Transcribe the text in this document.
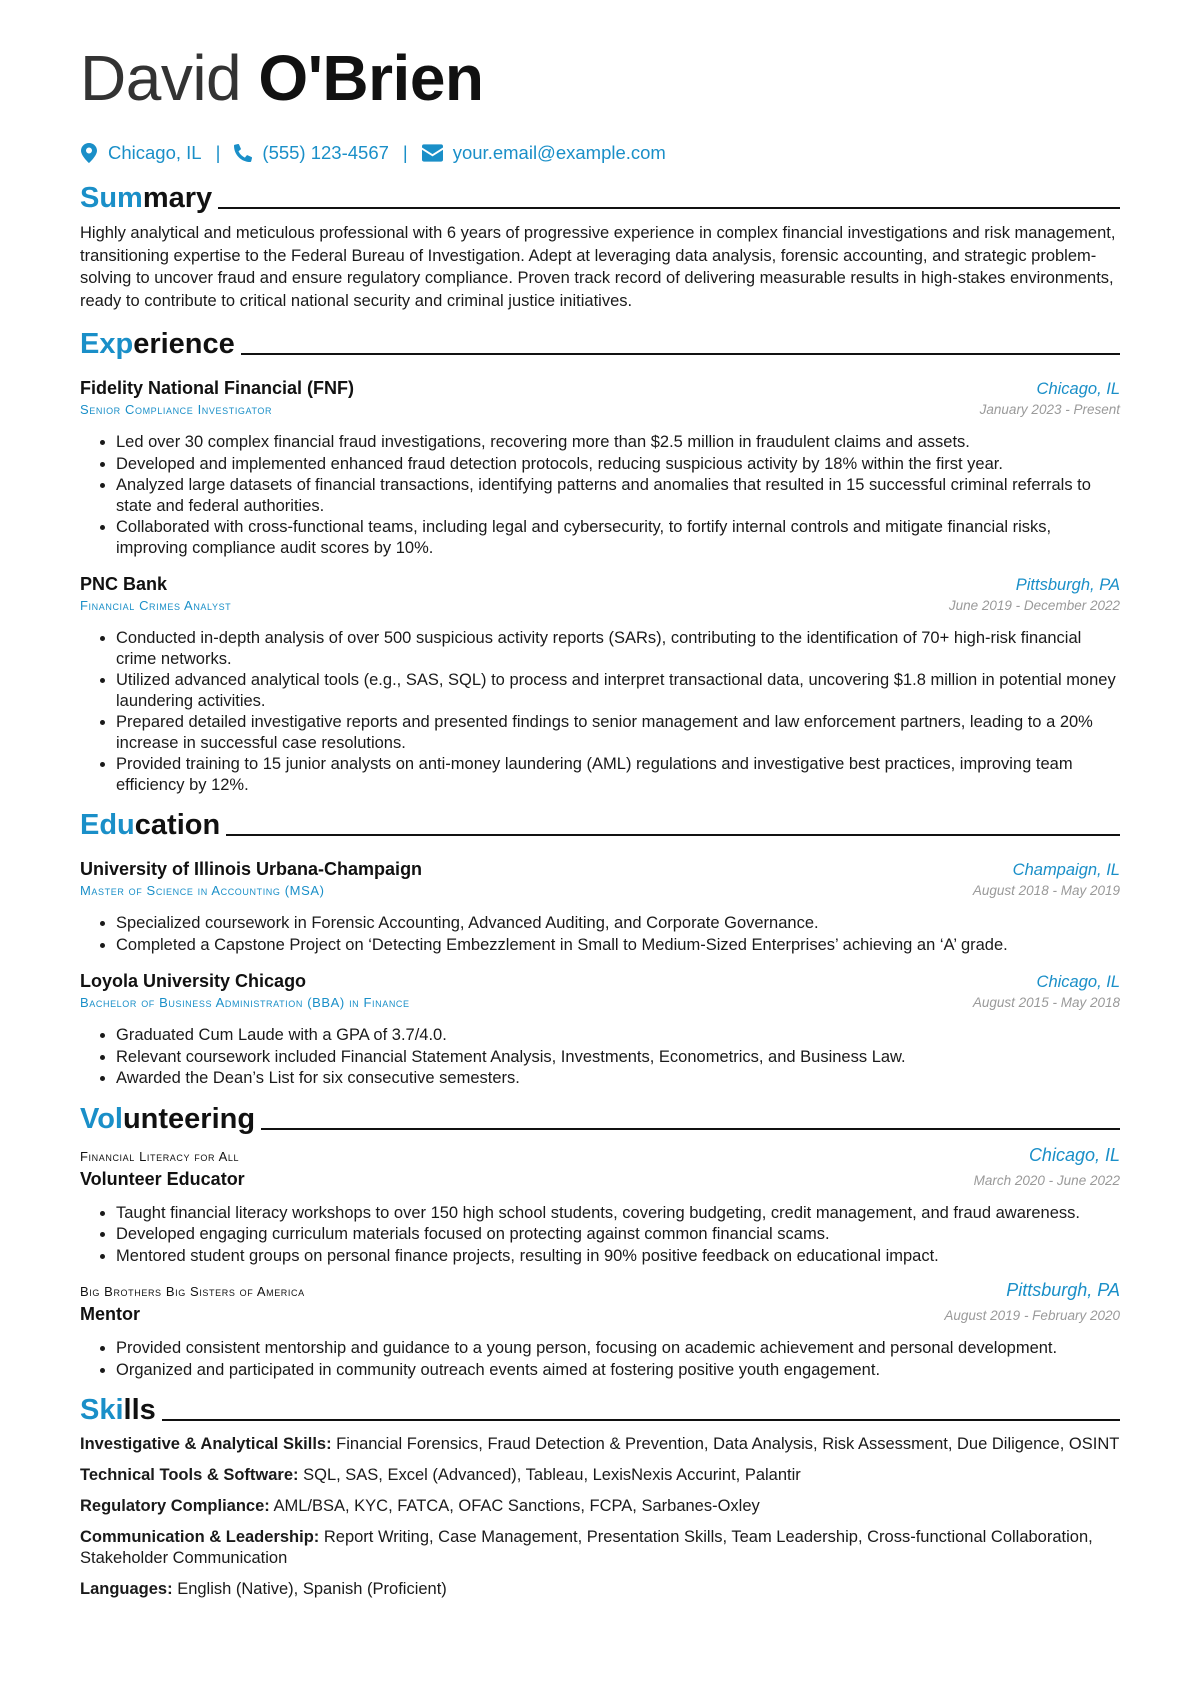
David O'Brien
Chicago, IL | (555) 123-4567 | your.email@example.com
Summary

Highly analytical and meticulous professional with 6 years of progressive experience in complex financial investigations and risk management, transitioning expertise to the Federal Bureau of Investigation. Adept at leveraging data analysis, forensic accounting, and strategic problem-solving to uncover fraud and ensure regulatory compliance. Proven track record of delivering measurable results in high-stakes environments, ready to contribute to critical national security and criminal justice initiatives.

Experience
Fidelity National Financial (FNF)	Chicago, IL
Senior Compliance Investigator	January 2023 - Present
• Led over 30 complex financial fraud investigations, recovering more than $2.5 million in fraudulent claims and assets.
• Developed and implemented enhanced fraud detection protocols, reducing suspicious activity by 18% within the first year.
• Analyzed large datasets of financial transactions, identifying patterns and anomalies that resulted in 15 successful criminal referrals to state and federal authorities.
• Collaborated with cross-functional teams, including legal and cybersecurity, to fortify internal controls and mitigate financial risks, improving compliance audit scores by 10%.
PNC Bank	Pittsburgh, PA
Financial Crimes Analyst	June 2019 - December 2022
• Conducted in-depth analysis of over 500 suspicious activity reports (SARs), contributing to the identification of 70+ high-risk financial crime networks.
• Utilized advanced analytical tools (e.g., SAS, SQL) to process and interpret transactional data, uncovering $1.8 million in potential money laundering activities.
• Prepared detailed investigative reports and presented findings to senior management and law enforcement partners, leading to a 20% increase in successful case resolutions.
• Provided training to 15 junior analysts on anti-money laundering (AML) regulations and investigative best practices, improving team efficiency by 12%.
Education
University of Illinois Urbana-Champaign	Champaign, IL
Master of Science in Accounting (MSA)	August 2018 - May 2019
• Specialized coursework in Forensic Accounting, Advanced Auditing, and Corporate Governance.
• Completed a Capstone Project on ‘Detecting Embezzlement in Small to Medium-Sized Enterprises’ achieving an ‘A’ grade.
Loyola University Chicago	Chicago, IL
Bachelor of Business Administration (BBA) in Finance	August 2015 - May 2018
• Graduated Cum Laude with a GPA of 3.7/4.0.
• Relevant coursework included Financial Statement Analysis, Investments, Econometrics, and Business Law.
• Awarded the Dean’s List for six consecutive semesters.
Volunteering
Financial Literacy for All	Chicago, IL
Volunteer Educator	March 2020 - June 2022
• Taught financial literacy workshops to over 150 high school students, covering budgeting, credit management, and fraud awareness.
• Developed engaging curriculum materials focused on protecting against common financial scams.
• Mentored student groups on personal finance projects, resulting in 90% positive feedback on educational impact.
Big Brothers Big Sisters of America	Pittsburgh, PA
Mentor	August 2019 - February 2020
• Provided consistent mentorship and guidance to a young person, focusing on academic achievement and personal development.
• Organized and participated in community outreach events aimed at fostering positive youth engagement.
Skills

Investigative & Analytical Skills: Financial Forensics, Fraud Detection & Prevention, Data Analysis, Risk Assessment, Due Diligence, OSINT

Technical Tools & Software: SQL, SAS, Excel (Advanced), Tableau, LexisNexis Accurint, Palantir

Regulatory Compliance: AML/BSA, KYC, FATCA, OFAC Sanctions, FCPA, Sarbanes-Oxley

Communication & Leadership: Report Writing, Case Management, Presentation Skills, Team Leadership, Cross-functional Collaboration, Stakeholder Communication

Languages: English (Native), Spanish (Proficient)
